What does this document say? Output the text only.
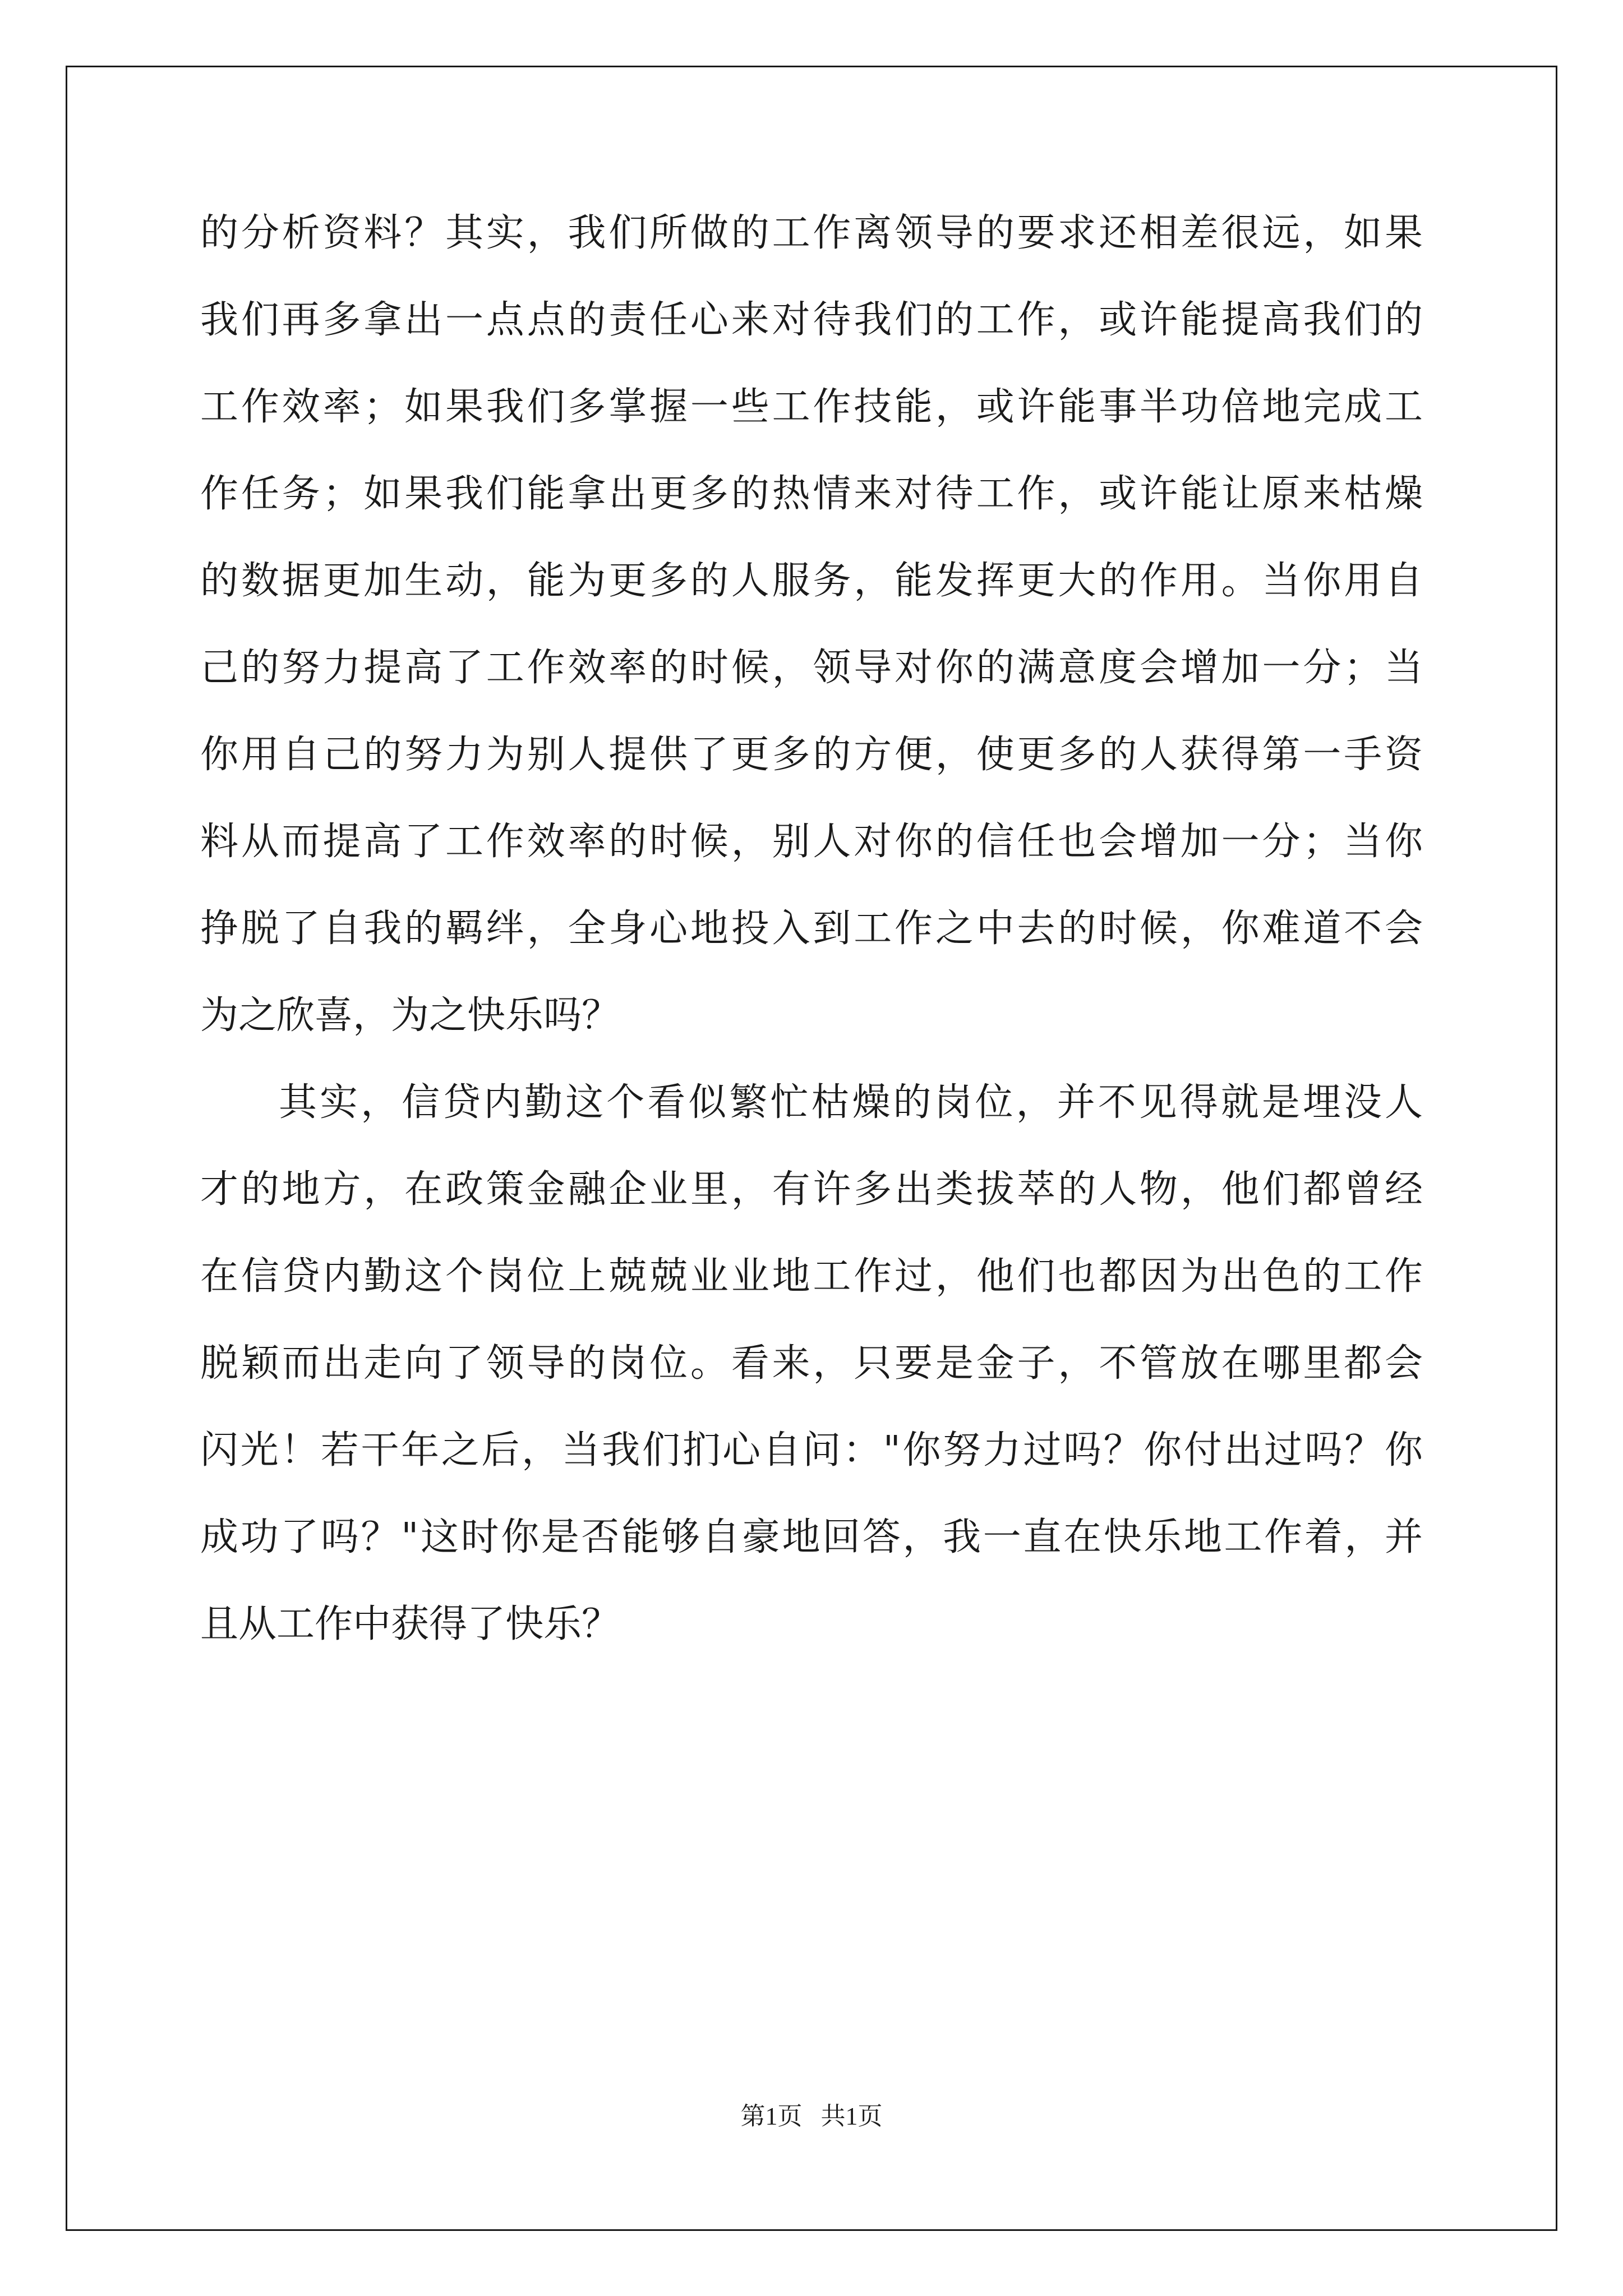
的分析资料？其实，我们所做的工作离领导的要求还相差很远，如果

我们再多拿出一点点的责任心来对待我们的工作，或许能提高我们的

工作效率；如果我们多掌握一些工作技能，或许能事半功倍地完成工

作任务；如果我们能拿出更多的热情来对待工作，或许能让原来枯燥

的数据更加生动，能为更多的人服务，能发挥更大的作用。当你用自

己的努力提高了工作效率的时候，领导对你的满意度会增加一分；当

你用自己的努力为别人提供了更多的方便，使更多的人获得第一手资

料从而提高了工作效率的时候，别人对你的信任也会增加一分；当你

挣脱了自我的羁绊，全身心地投入到工作之中去的时候，你难道不会

为之欣喜，为之快乐吗？

其实，信贷内勤这个看似繁忙枯燥的岗位，并不见得就是埋没人

才的地方，在政策金融企业里，有许多出类拔萃的人物，他们都曾经

在信贷内勤这个岗位上兢兢业业地工作过，他们也都因为出色的工作

脱颖而出走向了领导的岗位。看来，只要是金子，不管放在哪里都会

闪光！若干年之后，当我们扪心自问："你努力过吗？你付出过吗？你

成功了吗？"这时你是否能够自豪地回答，我一直在快乐地工作着，并

且从工作中获得了快乐？

第1页   共1页
